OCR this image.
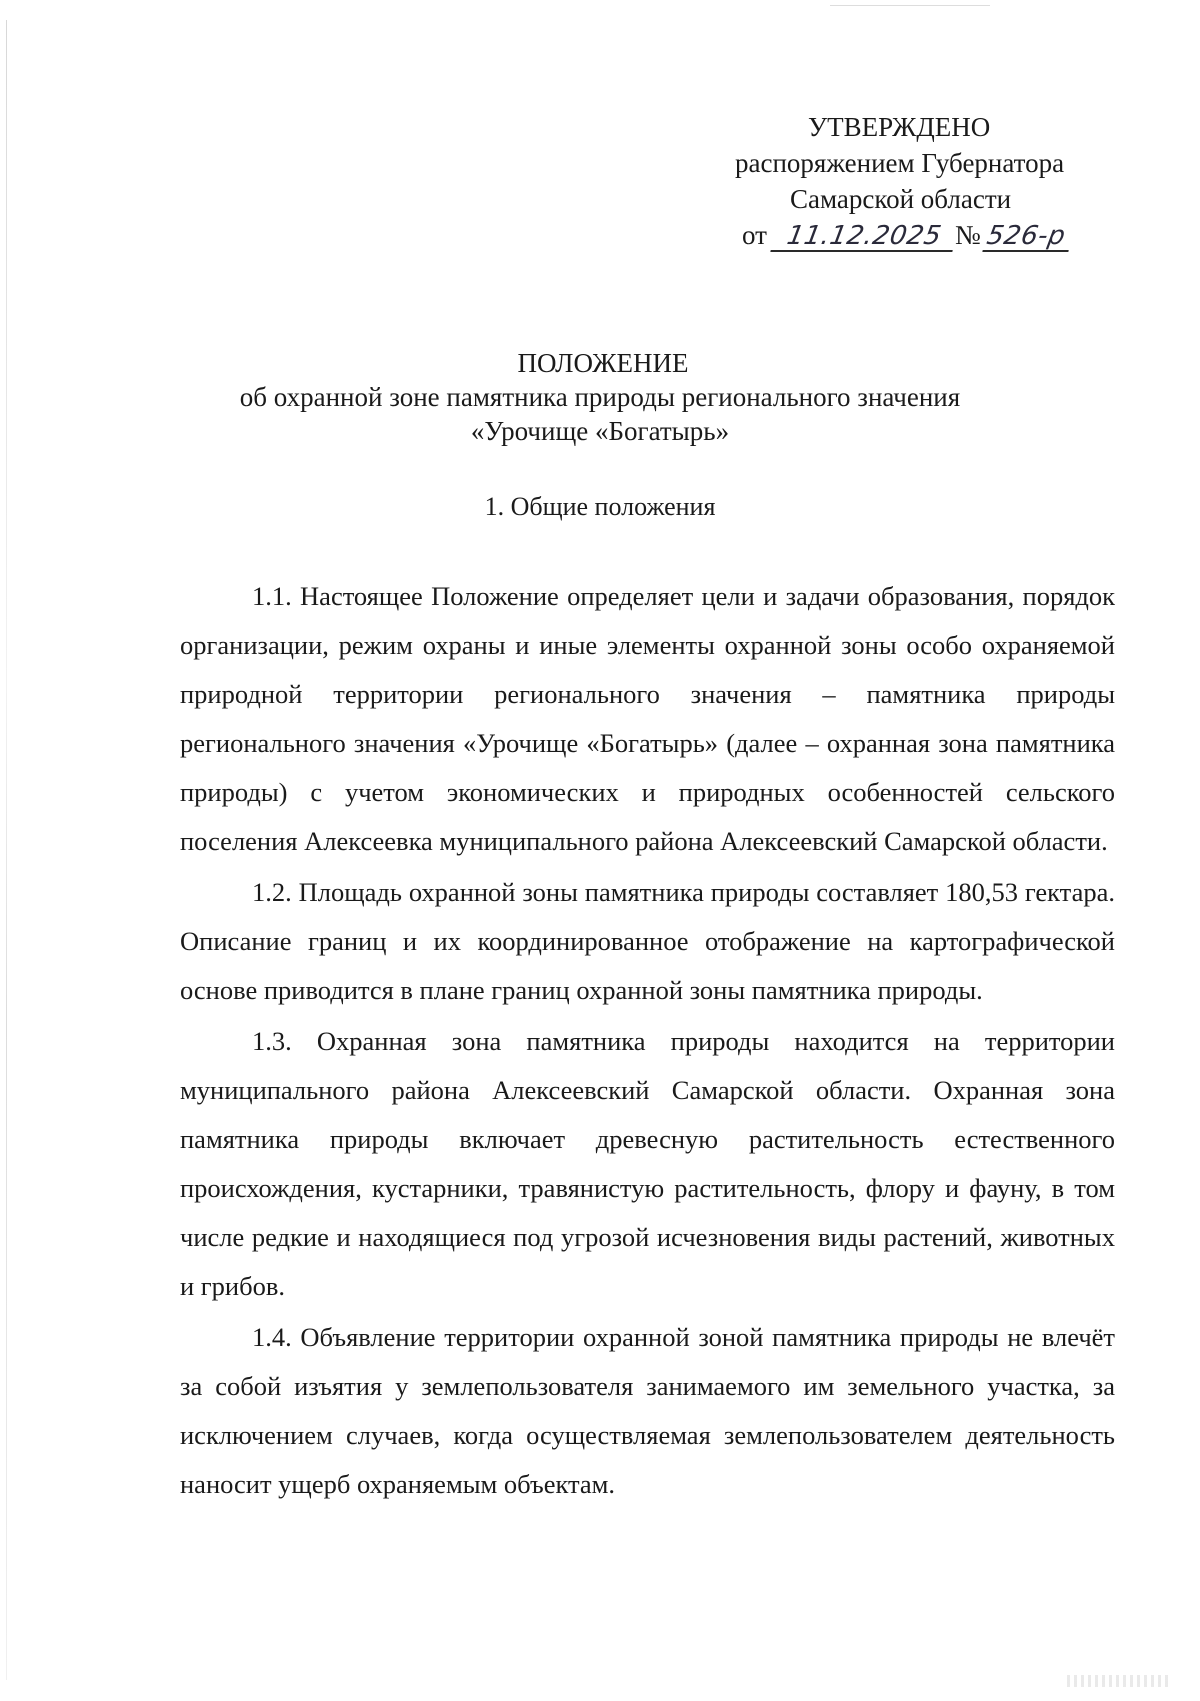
УТВЕРЖДЕНО
распоряжением Губернатора
Самарской области
от 11.12.2025 № 526-р
ПОЛОЖЕНИЕ
об охранной зоне памятника природы регионального значения
«Урочище «Богатырь»
1. Общие положения

1.1. Настоящее Положение определяет цели и задачи образования, порядок организации, режим охраны и иные элементы охранной зоны особо охраняемой природной территории регионального значения – памятника природы регионального значения «Урочище «Богатырь» (далее – охранная зона памятника природы) с учетом экономических и природных особенностей сельского поселения Алексеевка муниципального района Алексеевский Самарской области.

1.2. Площадь охранной зоны памятника природы составляет 180,53 гектара. Описание границ и их координированное отображение на картографической основе приводится в плане границ охранной зоны памятника природы.

1.3. Охранная зона памятника природы находится на территории муниципального района Алексеевский Самарской области. Охранная зона памятника природы включает древесную растительность естественного происхождения, кустарники, травянистую растительность, флору и фауну, в том числе редкие и находящиеся под угрозой исчезновения виды растений, животных и грибов.

1.4. Объявление территории охранной зоной памятника природы не влечёт за собой изъятия у землепользователя занимаемого им земельного участка, за исключением случаев, когда осуществляемая землепользователем деятельность наносит ущерб охраняемым объектам.
